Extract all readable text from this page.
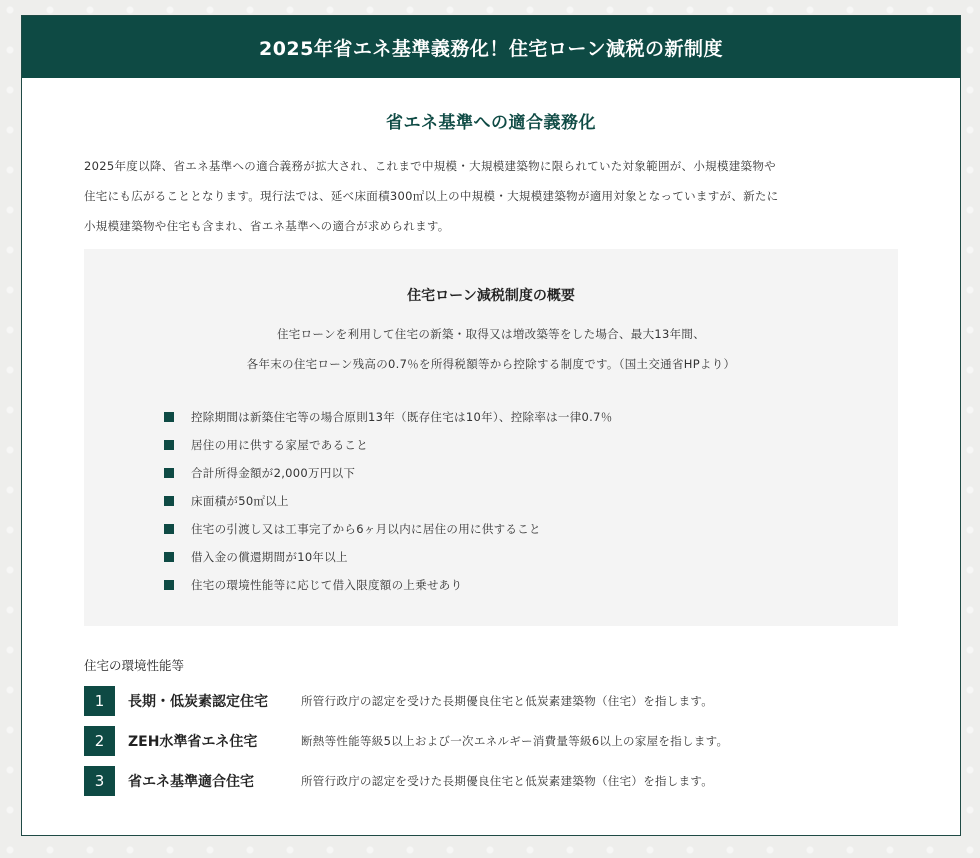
2025年省エネ基準義務化！住宅ローン減税の新制度
省エネ基準への適合義務化

2025年度以降、省エネ基準への適合義務が拡大され、これまで中規模・大規模建築物に限られていた対象範囲が、小規模建築物や

住宅にも広がることとなります。現行法では、延べ床面積300㎡以上の中規模・大規模建築物が適用対象となっていますが、新たに

小規模建築物や住宅も含まれ、省エネ基準への適合が求められます。

住宅ローン減税制度の概要

住宅ローンを利用して住宅の新築・取得又は増改築等をした場合、最大13年間、

各年末の住宅ローン残高の0.7％を所得税額等から控除する制度です。（国土交通省HPより）

控除期間は新築住宅等の場合原則13年（既存住宅は10年）、控除率は一律0.7％
居住の用に供する家屋であること
合計所得金額が2,000万円以下
床面積が50㎡以上
住宅の引渡し又は工事完了から6ヶ月以内に居住の用に供すること
借入金の償還期間が10年以上
住宅の環境性能等に応じて借入限度額の上乗せあり
住宅の環境性能等
1	長期・低炭素認定住宅	所管行政庁の認定を受けた長期優良住宅と低炭素建築物（住宅）を指します。
2	ZEH水準省エネ住宅	断熱等性能等級5以上および一次エネルギー消費量等級6以上の家屋を指します。
3	省エネ基準適合住宅	所管行政庁の認定を受けた長期優良住宅と低炭素建築物（住宅）を指します。
